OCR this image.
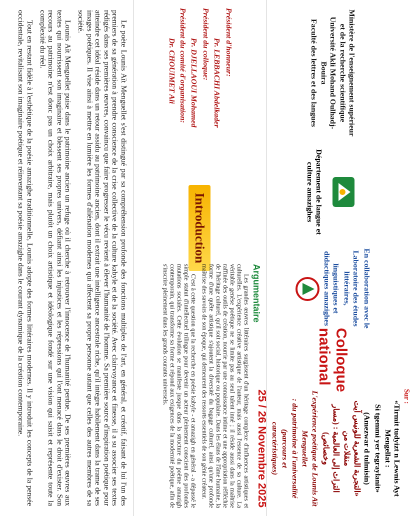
Le poète Lounis Aït Menguellet s'est distingué par sa compréhension profonde des fonctions multiples de l'art, en général, et créatif, faisant de lui l'un des premiers de sa génération à prendre conscience de la crise collective de la culture kabyle et de la société. Avec clairvoyance et finesse, il a su associer ses textes rédigés dans ses premières œuvres, convaincu que faire progresser le vécu revient à élever l'humanité de l'homme. Sa première source d'inspiration poétique pour atteindre cet idéal réside dans un retour assidu au patrimoine ancien, dont il extrait une intelligence ancestrale riche, qu'il intègre habilement dans la trame de ses images poétiques. Il vise ainsi à mettre en lumière les formes d'aliénation modernes qui affectent sa propre personne autant que celles des autres membres de sa société.

Lounis Aït Menguellet puise dans le patrimoine ancien un refuge où il cherche à retrouver l'innocence de l'humanité perdue. De ses premières œuvres aux textes qui nourrissent son imaginaire et blessent ses propres univers, défiant ainsi les injustices et les répressions qui l'ont menacé dans le droit d'exister. Son recours au patrimoine n'est donc pas un choix arbitraire, mais plutôt un choix artistique et idéologique fondé sur une vision qui saisit et représente toute la complexité du réel.

Tout en restant fidèle à l'esthétique de la poésie amazighe traditionnelle, Lounis adopte des formes littéraires modernes. Il y introduit les concepts de la pensée occidentale, revitalisant son imaginaire poétique et réinventant sa poésie amazighe dans le courant dynamique de la création contemporaine.	Président d'honneur:
Pr. LEBBACHI Abdelkader
Président du colloque:
Pr. DJELLAOUI Mohamed
Président du comité d'organisation:
Dr. CHOUIMET Ali
Introduction
Argumentaire

Les grandes œuvres littéraires surgissent d'un héritage complexe d'influences artistiques et culturelles. L'expérience créative artistique de l'auteur, mais aussi l'essence de sa culture. La véritable genèse poétique ne se limite pas au seul talent inné ; il réside aussi dans la maîtrise raffinée des outils de création, nourrie par une connaissance intime et une appropriation réfléchie de l'héritage culturel, qu'il soit social, historique ou populaire. Dans les élans de l'âme humaine, la forme d'une quête artistique s'ajoutent la diversité du bagage culturel, ainsi qu'une profonde maîtrise des savoirs de son époque, qui demeurent des ressorts essentiels de son génie créateur.

C'est à cette question que la recherche en poésie kabyle - et amazigh en général - a dépassé le simple statut d'intellectuel trilingue pour devenir un acteur pleinement conscient des profondes mutations sociales. Cette évolution se manifeste jusque dans la structure du poème amazigh contemporain, qui transforme sa forme et répond aux exigences de la modernité poétique, afin de s'inscrire pleinement dans les grands courants universels.

Ministère de l'enseignement supérieur et de la recherche scientifique
Université Akli Mohand Oulhadj-Bouira
Faculté des lettres et des langues
Département de langue et culture amazighes
En collaboration avec le
Laboratoire des études littéraires,
linguistiques et didactiques amazighes
Colloque national
Sur :
«Tirmit tudyizt n Lewnis Ayt Mengellat :
Si tgemmi yer tegraylanit»
(Amezwar d tulmisin)
«التجربة الشعرية للونيس آيت منقلات من
التراث إلى العالمية : (مسار وخصائص)
L'expérience poétique de Lounis Aït Menguellet
: du patrimoine à l'universalité (parcours et
caractéristiques)
25 / 26 Novembre 2025
